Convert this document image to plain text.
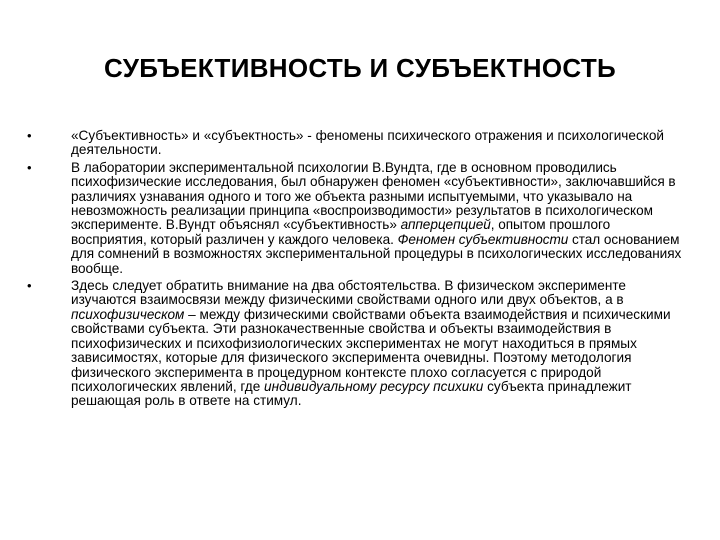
СУБЪЕКТИВНОСТЬ И СУБЪЕКТНОСТЬ
•	«Субъективность» и «субъектность» - феномены психического отражения и психологической деятельности.
•	В лаборатории экспериментальной психологии В.Вундта, где в основном проводились психофизические исследования, был обнаружен феномен «субъективности», заключавшийся в различиях узнавания одного и того же объекта разными испытуемыми, что указывало на невозможность реализации принципа «воспроизводимости» результатов в психологическом эксперименте. В.Вундт объяснял «субъективность» апперцепцией, опытом прошлого восприятия, который различен у каждого человека. Феномен субъективности стал основанием для сомнений в возможностях экспериментальной процедуры в психологических исследованиях вообще.
•	Здесь следует обратить внимание на два обстоятельства. В физическом эксперименте изучаются взаимосвязи между физическими свойствами одного или двух объектов, а в психофизическом – между физическими свойствами объекта взаимодействия и психическими свойствами субъекта. Эти разнокачественные свойства и объекты взаимодействия в психофизических и психофизиологических экспериментах не могут находиться в прямых зависимостях, которые для физического эксперимента очевидны. Поэтому методология физического эксперимента в процедурном контексте плохо согласуется с природой психологических явлений, где индивидуальному ресурсу психики субъекта принадлежит решающая роль в ответе на стимул.
